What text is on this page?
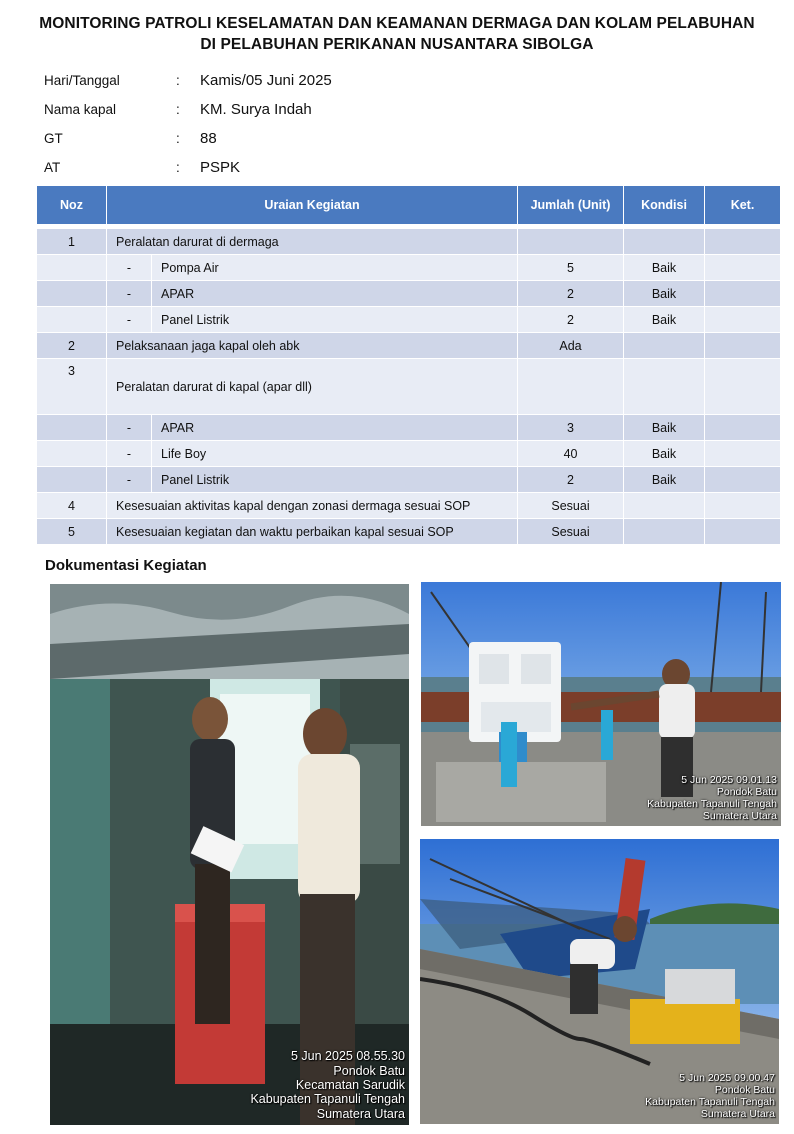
MONITORING PATROLI KESELAMATAN DAN KEAMANAN DERMAGA DAN KOLAM PELABUHAN
DI PELABUHAN PERIKANAN NUSANTARA SIBOLGA
Hari/Tanggal	:	Kamis/05 Juni 2025
Nama kapal	:	KM. Surya Indah
GT	:	88
AT	:	PSPK
Noz	Uraian Kegiatan		Jumlah (Unit)	Kondisi	Ket.

1	Peralatan darurat di dermaga				
	-	Pompa Air	5	Baik	
	-	APAR	2	Baik	
	-	Panel Listrik	2	Baik	
2	Pelaksanaan jaga kapal oleh abk		Ada		
3	Peralatan darurat di kapal (apar dll)				
	-	APAR	3	Baik	
	-	Life Boy	40	Baik	
	-	Panel Listrik	2	Baik	
4	Kesesuaian aktivitas kapal dengan zonasi dermaga sesuai SOP		Sesuai		
5	Kesesuaian kegiatan dan waktu perbaikan kapal sesuai SOP		Sesuai		
Dokumentasi Kegiatan
5 Jun 2025 08.55.30
Pondok Batu
Kecamatan Sarudik
Kabupaten Tapanuli Tengah
Sumatera Utara
5 Jun 2025 09.01.13
Pondok Batu
Kabupaten Tapanuli Tengah
Sumatera Utara
5 Jun 2025 09.00.47
Pondok Batu
Kabupaten Tapanuli Tengah
Sumatera Utara
